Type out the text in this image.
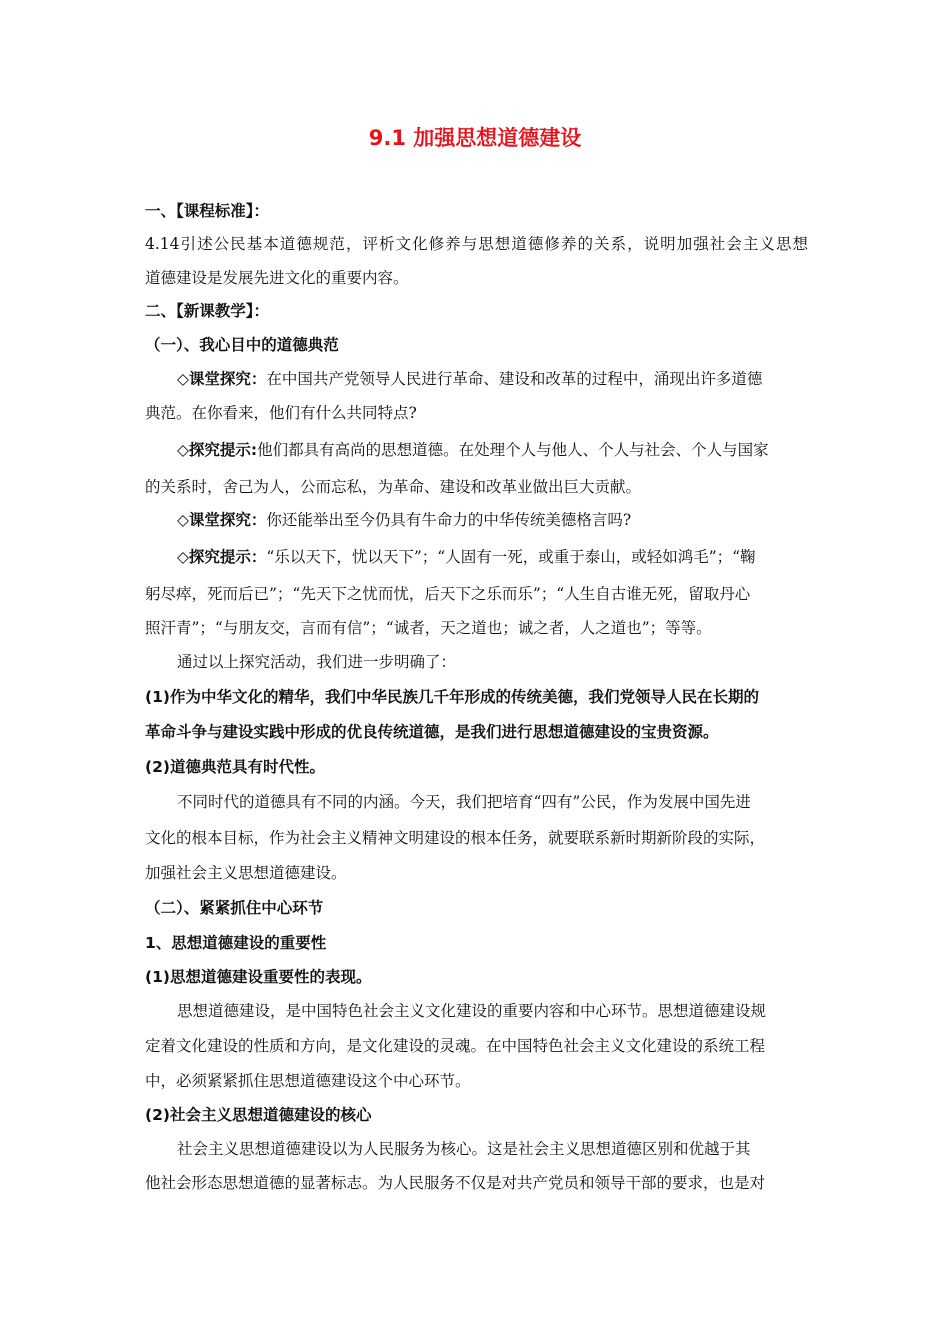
9.1 加强思想道德建设
一、【课程标准】：
4.14引述公民基本道德规范，评析文化修养与思想道德修养的关系，说明加强社会主义思想
道德建设是发展先进文化的重要内容。
二、【新课教学】：
（一）、我心目中的道德典范
◇课堂探究：在中国共产党领导人民进行革命、建设和改革的过程中，涌现出许多道德
典范。在你看来，他们有什么共同特点?
◇探究提示:他们都具有高尚的思想道德。在处理个人与他人、个人与社会、个人与国家
的关系时，舍己为人，公而忘私，为革命、建设和改革业做出巨大贡献。
◇课堂探究：你还能举出至今仍具有牛命力的中华传统美德格言吗?
◇探究提示：“乐以天下，忧以天下”；“人固有一死，或重于泰山，或轻如鸿毛”；“鞠
躬尽瘁，死而后已”；“先天下之忧而忧，后天下之乐而乐”；“人生自古谁无死，留取丹心
照汗青”；“与朋友交，言而有信”；“诚者，天之道也；诚之者，人之道也”；等等。
通过以上探究活动，我们进一步明确了：
(1)作为中华文化的精华，我们中华民族几千年形成的传统美德，我们党领导人民在长期的
革命斗争与建设实践中形成的优良传统道德，是我们进行思想道德建设的宝贵资源。
(2)道德典范具有时代性。
不同时代的道德具有不同的内涵。今天，我们把培育“四有”公民，作为发展中国先进
文化的根本目标，作为社会主义精神文明建设的根本任务，就要联系新时期新阶段的实际，
加强社会主义思想道德建设。
（二）、紧紧抓住中心环节
1、思想道德建设的重要性
(1)思想道德建设重要性的表现。
思想道德建设，是中国特色社会主义文化建设的重要内容和中心环节。思想道德建设规
定着文化建设的性质和方向，是文化建设的灵魂。在中国特色社会主义文化建设的系统工程
中，必须紧紧抓住思想道德建设这个中心环节。
(2)社会主义思想道德建设的核心
社会主义思想道德建设以为人民服务为核心。这是社会主义思想道德区别和优越于其
他社会形态思想道德的显著标志。为人民服务不仅是对共产党员和领导干部的要求，也是对
